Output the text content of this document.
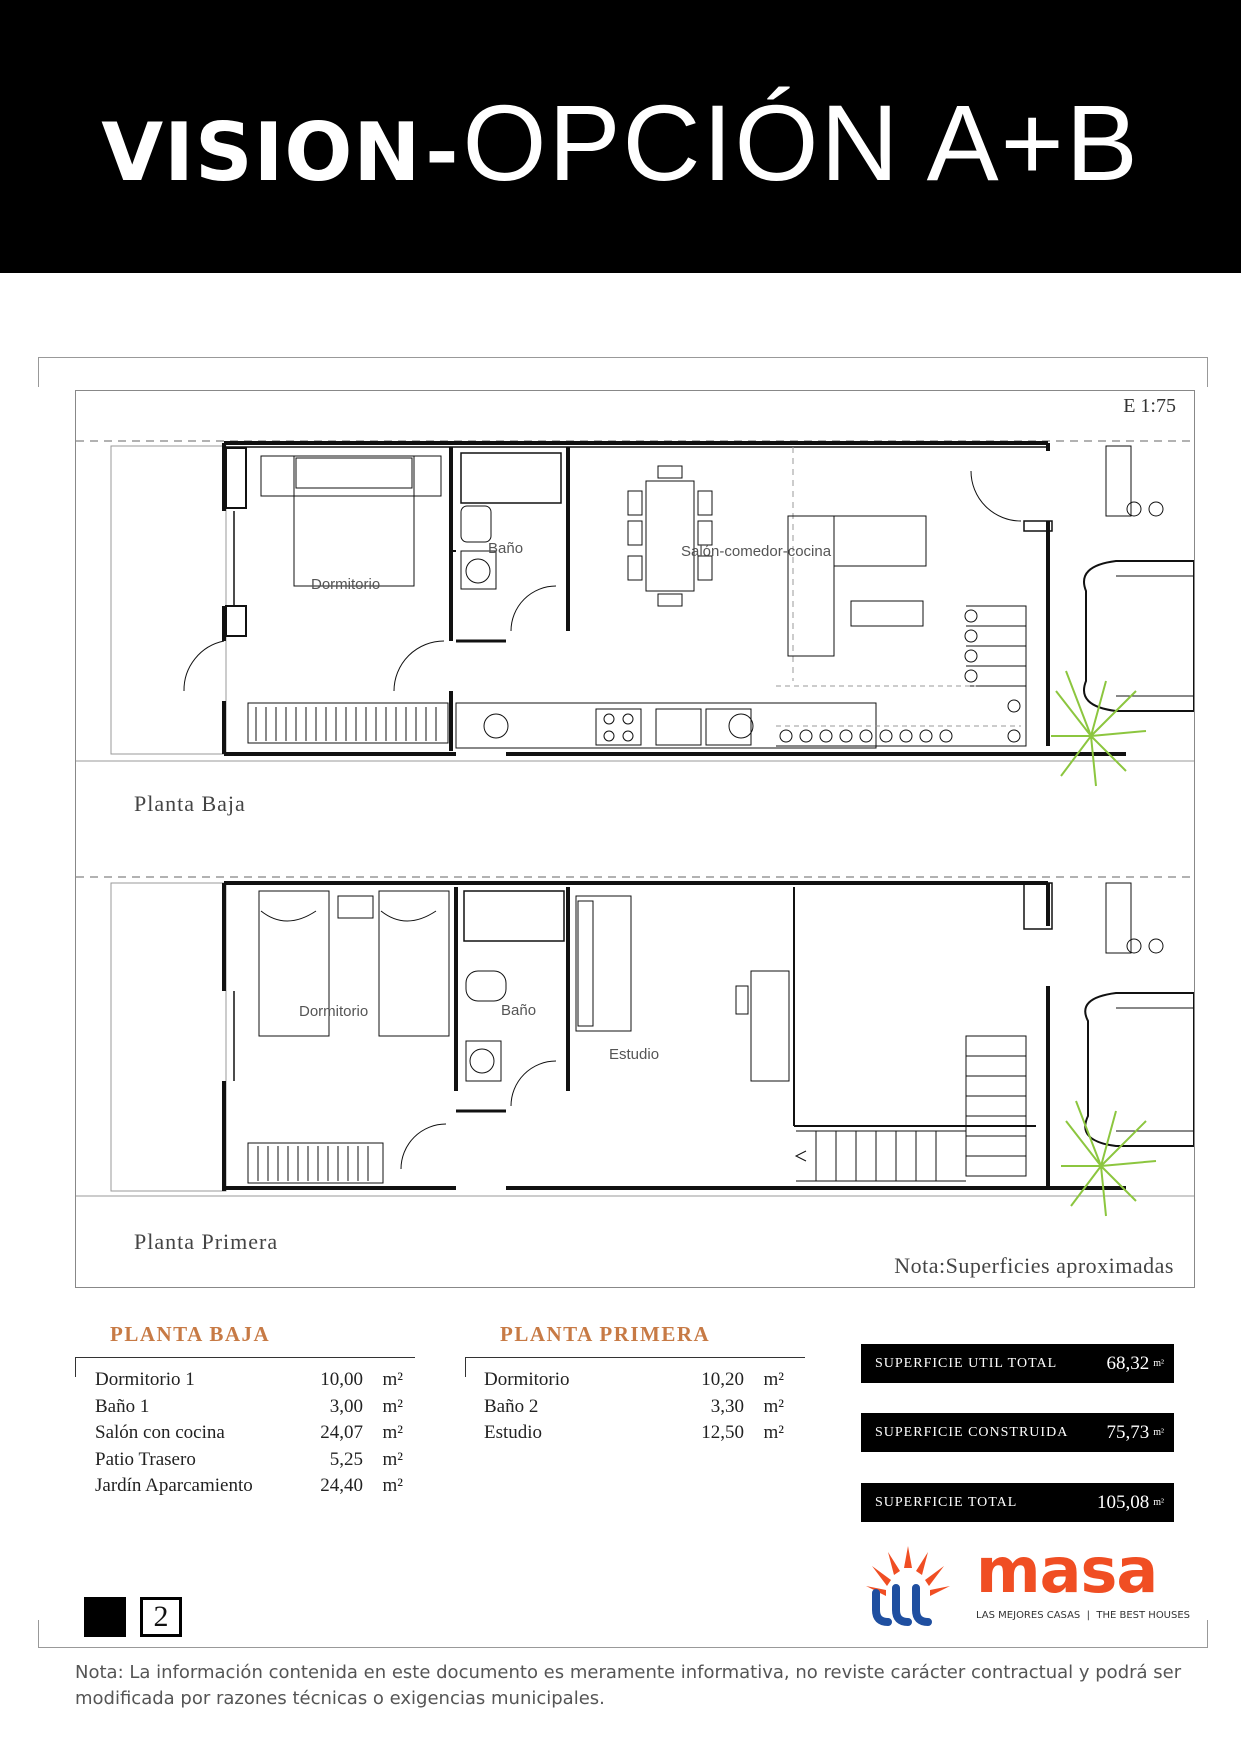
VISION - OPCIÓN A+B
Dormitorio
Baño	Salón-comedor-cocina
Dormitorio	Baño
Estudio
E 1:75
Planta Baja
Planta Primera
Nota:Superficies aproximadas
PLANTA BAJA
Dormitorio 1	10,00	m²
Baño 1	3,00	m²
Salón con cocina	24,07	m²
Patio Trasero	5,25	m²
Jardín Aparcamiento	24,40	m²
PLANTA PRIMERA
Dormitorio	10,20	m²
Baño 2	3,30	m²
Estudio	12,50	m²
SUPERFICIE UTIL TOTAL	68,32 m²
SUPERFICIE CONSTRUIDA	75,73 m²
SUPERFICIE TOTAL	105,08 m²
masa
LAS MEJORES CASAS  |  THE BEST HOUSES
2
Nota: La información contenida en este documento es meramente informativa, no reviste carácter contractual y podrá ser modificada por razones técnicas o exigencias municipales.
